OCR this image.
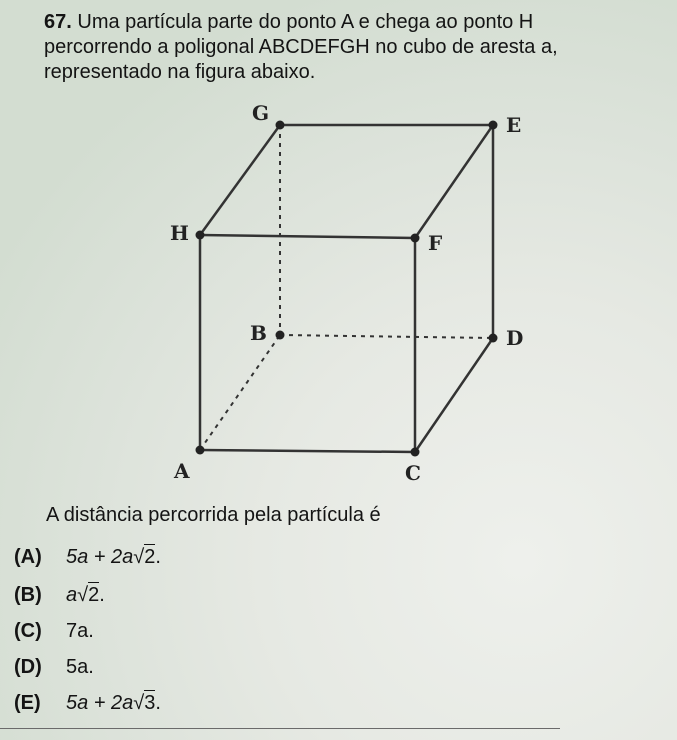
67. Uma partícula parte do ponto A e chega ao ponto H
percorrendo a poligonal ABCDEFGH no cubo de aresta a,
representado na figura abaixo.
G	E
H	F
B	D
A	C
A distância percorrida pela partícula é
(A) 5a + 2a√2.
(B) a√2.
(C) 7a.
(D) 5a.
(E) 5a + 2a√3.
